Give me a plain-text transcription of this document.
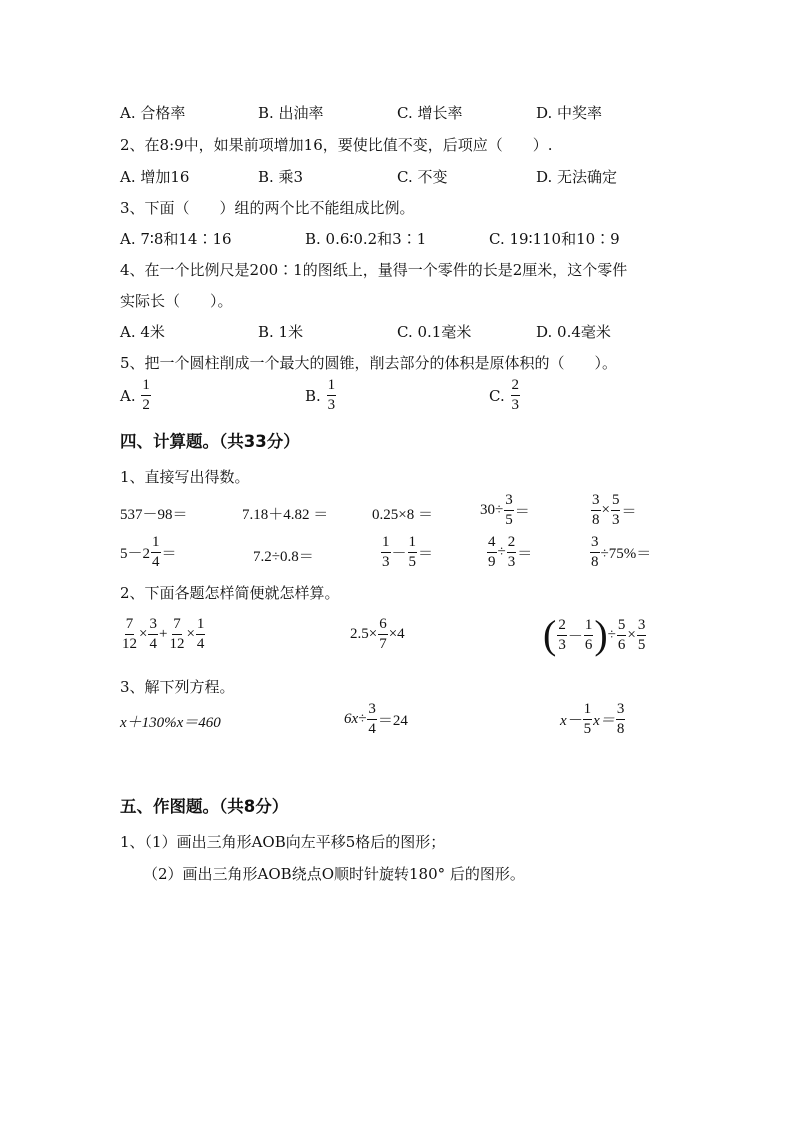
A. 合格率	B. 出油率	C. 增长率	D. 中奖率
2、在8:9中，如果前项增加16，要使比值不变，后项应（　　）.
A. 增加16	B. 乘3	C. 不变	D. 无法确定
3、下面（　　）组的两个比不能组成比例。
A. 7∶8和14∶16	B. 0.6∶0.2和3∶1	C. 19∶110和10∶9
4、在一个比例尺是200∶1的图纸上，量得一个零件的长是2厘米，这个零件
实际长（　　）。
A. 4米	B. 1米	C. 0.1毫米	D. 0.4毫米
5、把一个圆柱削成一个最大的圆锥，削去部分的体积是原体积的（　　）。
A.
$\frac{1}{2}$	B.
$\frac{1}{3}$	C.
$\frac{2}{3}$
四、计算题。（共33分）
1、直接写出得数。
537－98＝	7.18＋4.82 ＝	0.25×8 ＝	$30\div \frac{3}{5}$ ＝	$\frac{3}{8} \times \frac{5}{3}$ ＝
$5-2 \frac{1}{4}$ ＝	7.2÷0.8＝	$\frac{1}{3} - \frac{1}{5}$ ＝	$\frac{4}{9} \div \frac{2}{3}$ ＝	$\frac{3}{8} \div 75\%=$
2、下面各题怎样简便就怎样算。
$\frac{7}{12} \times \frac{3}{4} + \frac{7}{12} \times \frac{1}{4}$	$2.5\times \frac{6}{7} \times 4$	( $\frac{2}{3} - \frac{1}{6}$ ) ÷ $\frac{5}{6} \times \frac{3}{5}$
3、解下列方程。
x＋130%x＝460	$6x\div \frac{3}{4} =24$	$x- \frac{1}{5} x= \frac{3}{8}$
五、作图题。（共8分）
1、（1）画出三角形AOB向左平移5格后的图形；
（2）画出三角形AOB绕点O顺时针旋转180° 后的图形。
